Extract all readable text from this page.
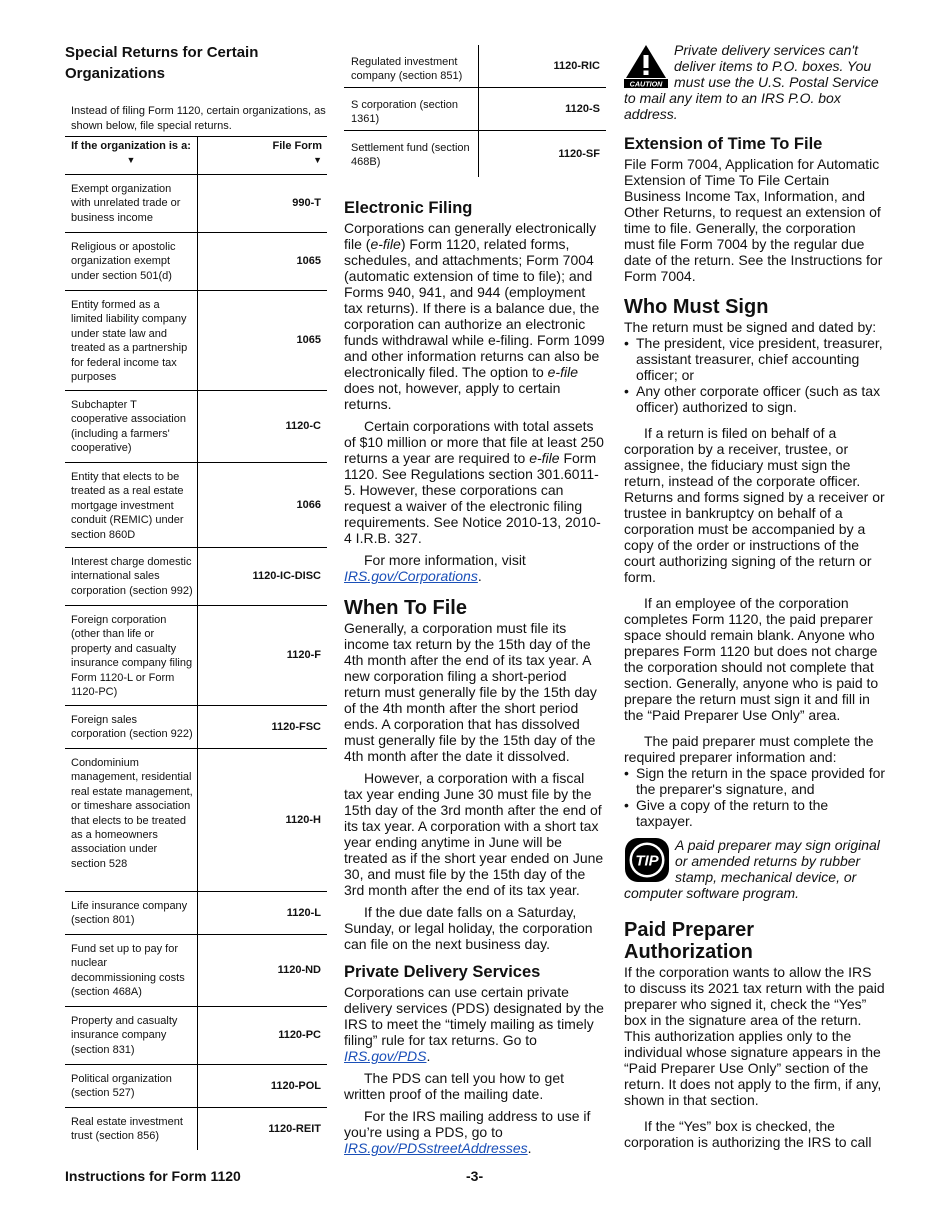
Special Returns for Certain Organizations

Instead of filing Form 1120, certain organizations, as shown below, file special returns.

If the organization is a:
▼
File Form
▼
Exempt organization with unrelated trade or business income
990-T
Religious or apostolic organization exempt under section 501(d)
1065
Entity formed as a limited liability company under state law and treated as a partnership for federal income tax purposes
1065
Subchapter T cooperative association (including a farmers' cooperative)
1120-C
Entity that elects to be treated as a real estate mortgage investment conduit (REMIC) under section 860D
1066
Interest charge domestic international sales corporation (section 992)
1120-IC-DISC
Foreign corporation (other than life or property and casualty insurance company filing Form 1120-L or Form 1120-PC)
1120-F
Foreign sales corporation (section 922)
1120-FSC
Condominium management, residential real estate management, or timeshare association that elects to be treated as a homeowners association under section 528
1120-H
Life insurance company (section 801)
1120-L
Fund set up to pay for nuclear decommissioning costs (section 468A)
1120-ND
Property and casualty insurance company (section 831)
1120-PC
Political organization (section 527)
1120-POL
Real estate investment trust (section 856)
1120-REIT
Regulated investment company (section 851)
1120-RIC
S corporation (section 1361)
1120-S
Settlement fund (section 468B)
1120-SF
Electronic Filing

Corporations can generally electronically file (e-file) Form 1120, related forms, schedules, and attachments; Form 7004 (automatic extension of time to file); and Forms 940, 941, and 944 (employment tax returns). If there is a balance due, the corporation can authorize an electronic funds withdrawal while e-filing. Form 1099 and other information returns can also be electronically filed. The option to e-file does not, however, apply to certain returns.

Certain corporations with total assets of $10 million or more that file at least 250 returns a year are required to e-file Form 1120. See Regulations section 301.6011-5. However, these corporations can request a waiver of the electronic filing requirements. See Notice 2010-13, 2010-4 I.R.B. 327.

For more information, visit IRS.gov/Corporations.

When To File

Generally, a corporation must file its income tax return by the 15th day of the 4th month after the end of its tax year. A new corporation filing a short-period return must generally file by the 15th day of the 4th month after the short period ends. A corporation that has dissolved must generally file by the 15th day of the 4th month after the date it dissolved.

However, a corporation with a fiscal tax year ending June 30 must file by the 15th day of the 3rd month after the end of its tax year. A corporation with a short tax year ending anytime in June will be treated as if the short year ended on June 30, and must file by the 15th day of the 3rd month after the end of its tax year.

If the due date falls on a Saturday, Sunday, or legal holiday, the corporation can file on the next business day.

Private Delivery Services

Corporations can use certain private delivery services (PDS) designated by the IRS to meet the “timely mailing as timely filing” rule for tax returns. Go to IRS.gov/PDS.

The PDS can tell you how to get written proof of the mailing date.

For the IRS mailing address to use if you’re using a PDS, go to IRS.gov/PDSstreetAddresses.

CAUTION
Private delivery services can't deliver items to P.O. boxes. You must use the U.S. Postal Service to mail any item to an IRS P.O. box address.
Extension of Time To File

File Form 7004, Application for Automatic Extension of Time To File Certain Business Income Tax, Information, and Other Returns, to request an extension of time to file. Generally, the corporation must file Form 7004 by the regular due date of the return. See the Instructions for Form 7004.

Who Must Sign

The return must be signed and dated by:

• The president, vice president, treasurer, assistant treasurer, chief accounting officer; or

• Any other corporate officer (such as tax officer) authorized to sign.

If a return is filed on behalf of a corporation by a receiver, trustee, or assignee, the fiduciary must sign the return, instead of the corporate officer. Returns and forms signed by a receiver or trustee in bankruptcy on behalf of a corporation must be accompanied by a copy of the order or instructions of the court authorizing signing of the return or form.

If an employee of the corporation completes Form 1120, the paid preparer space should remain blank. Anyone who prepares Form 1120 but does not charge the corporation should not complete that section. Generally, anyone who is paid to prepare the return must sign it and fill in the “Paid Preparer Use Only” area.

The paid preparer must complete the required preparer information and:

• Sign the return in the space provided for the preparer's signature, and

• Give a copy of the return to the taxpayer.

TIP
A paid preparer may sign original or amended returns by rubber stamp, mechanical device, or computer software program.
Paid Preparer Authorization

If the corporation wants to allow the IRS to discuss its 2021 tax return with the paid preparer who signed it, check the “Yes” box in the signature area of the return. This authorization applies only to the individual whose signature appears in the “Paid Preparer Use Only” section of the return. It does not apply to the firm, if any, shown in that section.

If the “Yes” box is checked, the corporation is authorizing the IRS to call

Instructions for Form 1120	-3-
